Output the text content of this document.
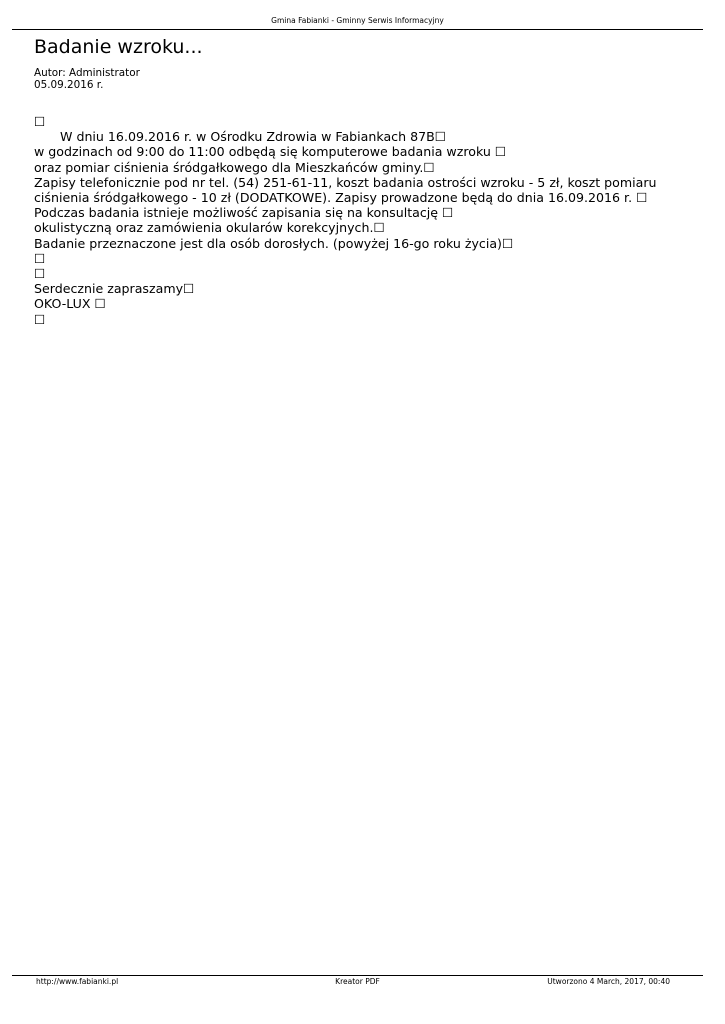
Gmina Fabianki - Gminny Serwis Informacyjny
Badanie wzroku...
Autor: Administrator
05.09.2016 r.
☐
W dniu 16.09.2016 r. w Ośrodku Zdrowia w Fabiankach 87B☐
w godzinach od 9:00 do 11:00 odbędą się komputerowe badania wzroku ☐
oraz pomiar ciśnienia śródgałkowego dla Mieszkańców gminy.☐
Zapisy telefonicznie pod nr tel. (54) 251-61-11, koszt badania ostrości wzroku - 5 zł, koszt pomiaru
ciśnienia śródgałkowego - 10 zł (DODATKOWE). Zapisy prowadzone będą do dnia 16.09.2016 r. ☐
Podczas badania istnieje możliwość zapisania się na konsultację ☐
okulistyczną oraz zamówienia okularów korekcyjnych.☐
Badanie przeznaczone jest dla osób dorosłych. (powyżej 16-go roku życia)☐
☐
☐
Serdecznie zapraszamy☐
OKO-LUX ☐
☐
Kreator PDF
http://www.fabianki.pl	Utworzono 4 March, 2017, 00:40
